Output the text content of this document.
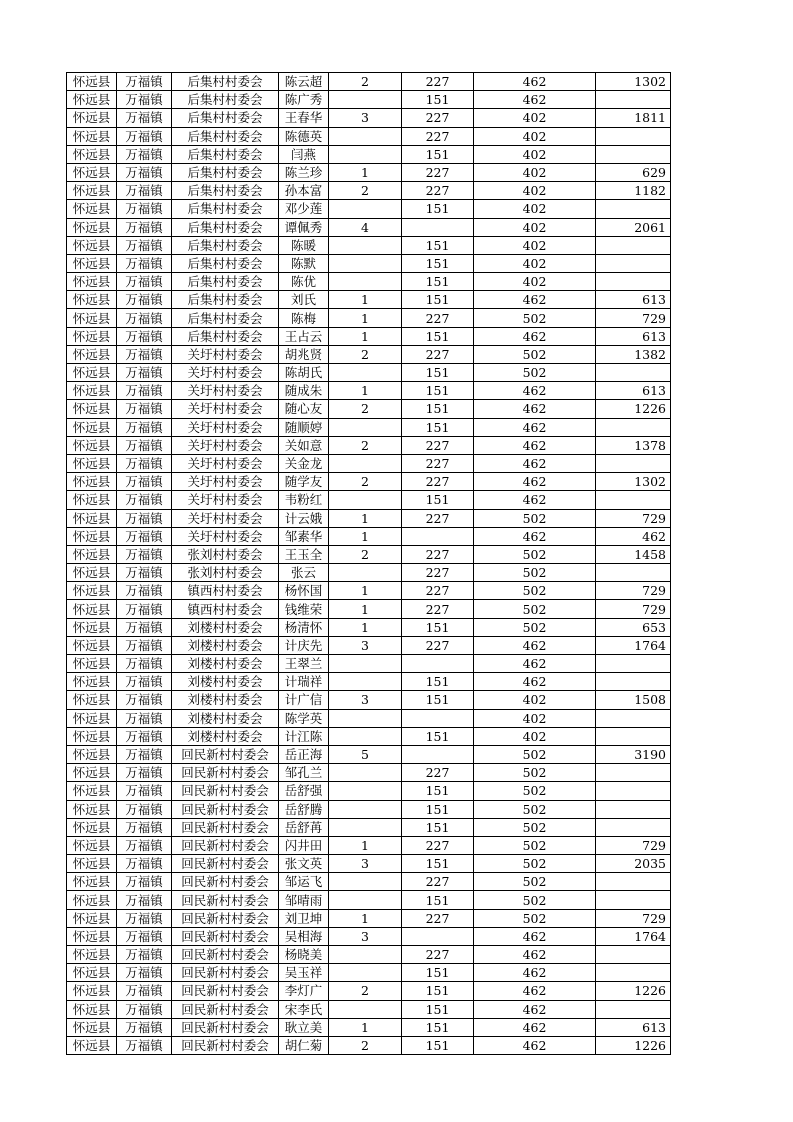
怀远县	万福镇	后集村村委会	陈云超	2	227	462	1302
怀远县	万福镇	后集村村委会	陈广秀		151	462	
怀远县	万福镇	后集村村委会	王春华	3	227	402	1811
怀远县	万福镇	后集村村委会	陈德英		227	402	
怀远县	万福镇	后集村村委会	闫燕		151	402	
怀远县	万福镇	后集村村委会	陈兰珍	1	227	402	629
怀远县	万福镇	后集村村委会	孙本富	2	227	402	1182
怀远县	万福镇	后集村村委会	邓少莲		151	402	
怀远县	万福镇	后集村村委会	谭佩秀	4		402	2061
怀远县	万福镇	后集村村委会	陈暖		151	402	
怀远县	万福镇	后集村村委会	陈默		151	402	
怀远县	万福镇	后集村村委会	陈优		151	402	
怀远县	万福镇	后集村村委会	刘氏	1	151	462	613
怀远县	万福镇	后集村村委会	陈梅	1	227	502	729
怀远县	万福镇	后集村村委会	王占云	1	151	462	613
怀远县	万福镇	关圩村村委会	胡兆贤	2	227	502	1382
怀远县	万福镇	关圩村村委会	陈胡氏		151	502	
怀远县	万福镇	关圩村村委会	随成朱	1	151	462	613
怀远县	万福镇	关圩村村委会	随心友	2	151	462	1226
怀远县	万福镇	关圩村村委会	随顺婷		151	462	
怀远县	万福镇	关圩村村委会	关如意	2	227	462	1378
怀远县	万福镇	关圩村村委会	关金龙		227	462	
怀远县	万福镇	关圩村村委会	随学友	2	227	462	1302
怀远县	万福镇	关圩村村委会	韦粉红		151	462	
怀远县	万福镇	关圩村村委会	计云娥	1	227	502	729
怀远县	万福镇	关圩村村委会	邹素华	1		462	462
怀远县	万福镇	张刘村村委会	王玉全	2	227	502	1458
怀远县	万福镇	张刘村村委会	张云		227	502	
怀远县	万福镇	镇西村村委会	杨怀国	1	227	502	729
怀远县	万福镇	镇西村村委会	钱维荣	1	227	502	729
怀远县	万福镇	刘楼村村委会	杨清怀	1	151	502	653
怀远县	万福镇	刘楼村村委会	计庆先	3	227	462	1764
怀远县	万福镇	刘楼村村委会	王翠兰			462	
怀远县	万福镇	刘楼村村委会	计瑞祥		151	462	
怀远县	万福镇	刘楼村村委会	计广信	3	151	402	1508
怀远县	万福镇	刘楼村村委会	陈学英			402	
怀远县	万福镇	刘楼村村委会	计江陈		151	402	
怀远县	万福镇	回民新村村委会	岳正海	5		502	3190
怀远县	万福镇	回民新村村委会	邹孔兰		227	502	
怀远县	万福镇	回民新村村委会	岳舒强		151	502	
怀远县	万福镇	回民新村村委会	岳舒腾		151	502	
怀远县	万福镇	回民新村村委会	岳舒苒		151	502	
怀远县	万福镇	回民新村村委会	闪井田	1	227	502	729
怀远县	万福镇	回民新村村委会	张文英	3	151	502	2035
怀远县	万福镇	回民新村村委会	邹运飞		227	502	
怀远县	万福镇	回民新村村委会	邹晴雨		151	502	
怀远县	万福镇	回民新村村委会	刘卫坤	1	227	502	729
怀远县	万福镇	回民新村村委会	吴相海	3		462	1764
怀远县	万福镇	回民新村村委会	杨晓美		227	462	
怀远县	万福镇	回民新村村委会	吴玉祥		151	462	
怀远县	万福镇	回民新村村委会	李灯广	2	151	462	1226
怀远县	万福镇	回民新村村委会	宋李氏		151	462	
怀远县	万福镇	回民新村村委会	耿立美	1	151	462	613
怀远县	万福镇	回民新村村委会	胡仁菊	2	151	462	1226
